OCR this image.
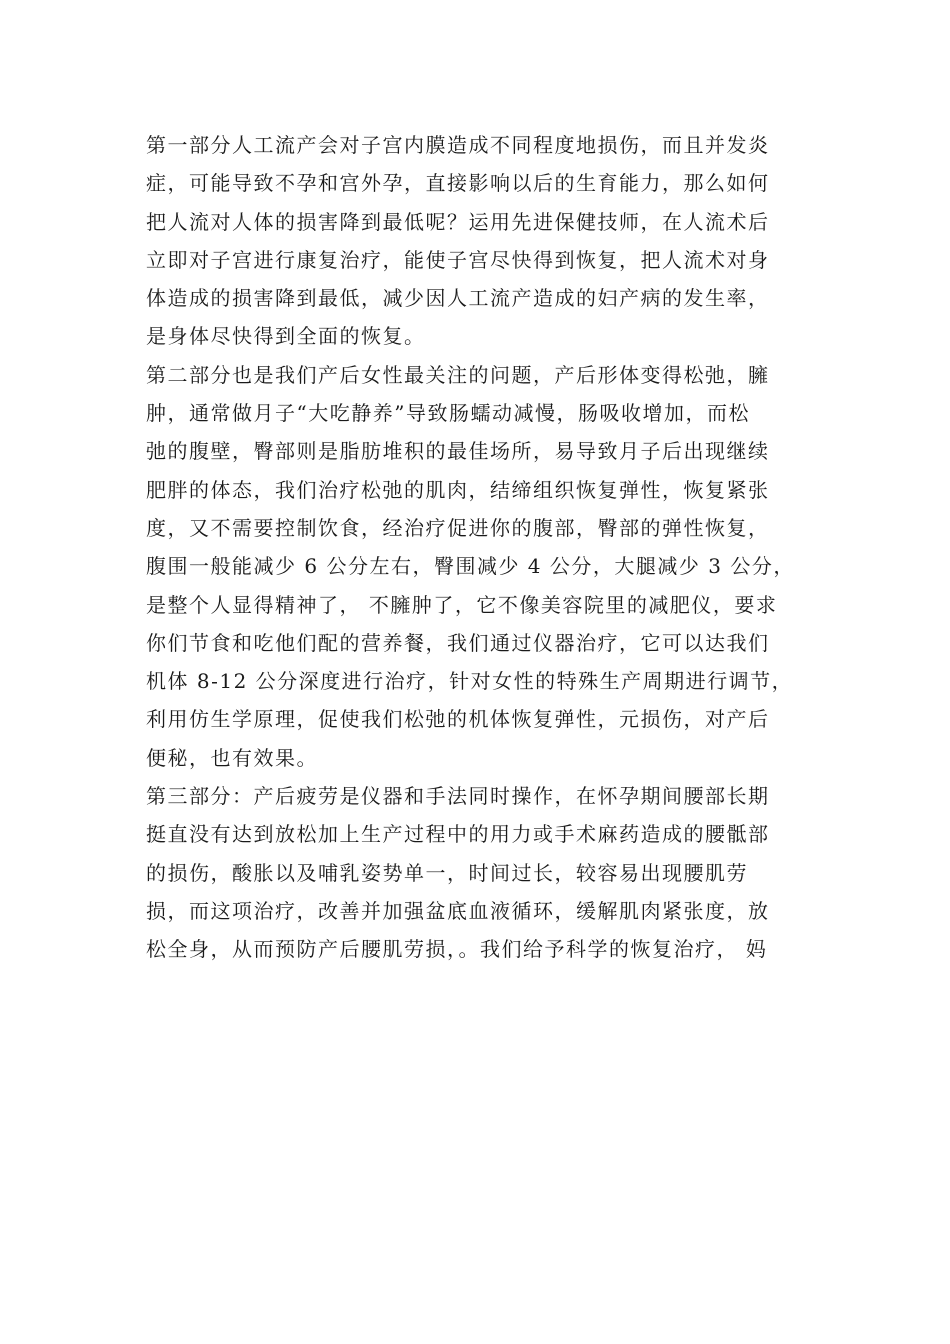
第一部分人工流产会对子宫内膜造成不同程度地损伤，而且并发炎
症，可能导致不孕和宫外孕，直接影响以后的生育能力，那么如何
把人流对人体的损害降到最低呢？运用先进保健技师，在人流术后
立即对子宫进行康复治疗，能使子宫尽快得到恢复，把人流术对身
体造成的损害降到最低，减少因人工流产造成的妇产病的发生率，
是身体尽快得到全面的恢复。
第二部分也是我们产后女性最关注的问题，产后形体变得松弛，臃
肿，通常做月子“大吃静养”导致肠蠕动减慢，肠吸收增加，而松
弛的腹壁，臀部则是脂肪堆积的最佳场所，易导致月子后出现继续
肥胖的体态，我们治疗松弛的肌肉，结缔组织恢复弹性，恢复紧张
度，又不需要控制饮食，经治疗促进你的腹部，臀部的弹性恢复，
腹围一般能减少 6 公分左右，臀围减少 4 公分，大腿减少 3 公分，
是整个人显得精神了， 不臃肿了，它不像美容院里的减肥仪，要求
你们节食和吃他们配的营养餐，我们通过仪器治疗，它可以达我们
机体 8-12 公分深度进行治疗，针对女性的特殊生产周期进行调节，
利用仿生学原理，促使我们松弛的机体恢复弹性，元损伤，对产后
便秘，也有效果。
第三部分：产后疲劳是仪器和手法同时操作，在怀孕期间腰部长期
挺直没有达到放松加上生产过程中的用力或手术麻药造成的腰骶部
的损伤，酸胀以及哺乳姿势单一，时间过长，较容易出现腰肌劳
损，而这项治疗，改善并加强盆底血液循环，缓解肌肉紧张度，放
松全身，从而预防产后腰肌劳损，。我们给予科学的恢复治疗， 妈
